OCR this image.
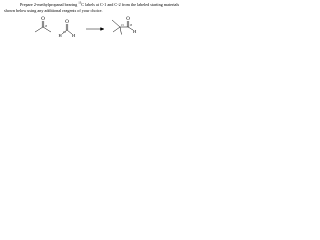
Prepare 2-methylpropanal bearing $^{13}$C labels at C-1 and C-2 from the labeled starting materials
shown below using any additional reagents of your choice.
O
13
O
13
H H
O
H
13 13
